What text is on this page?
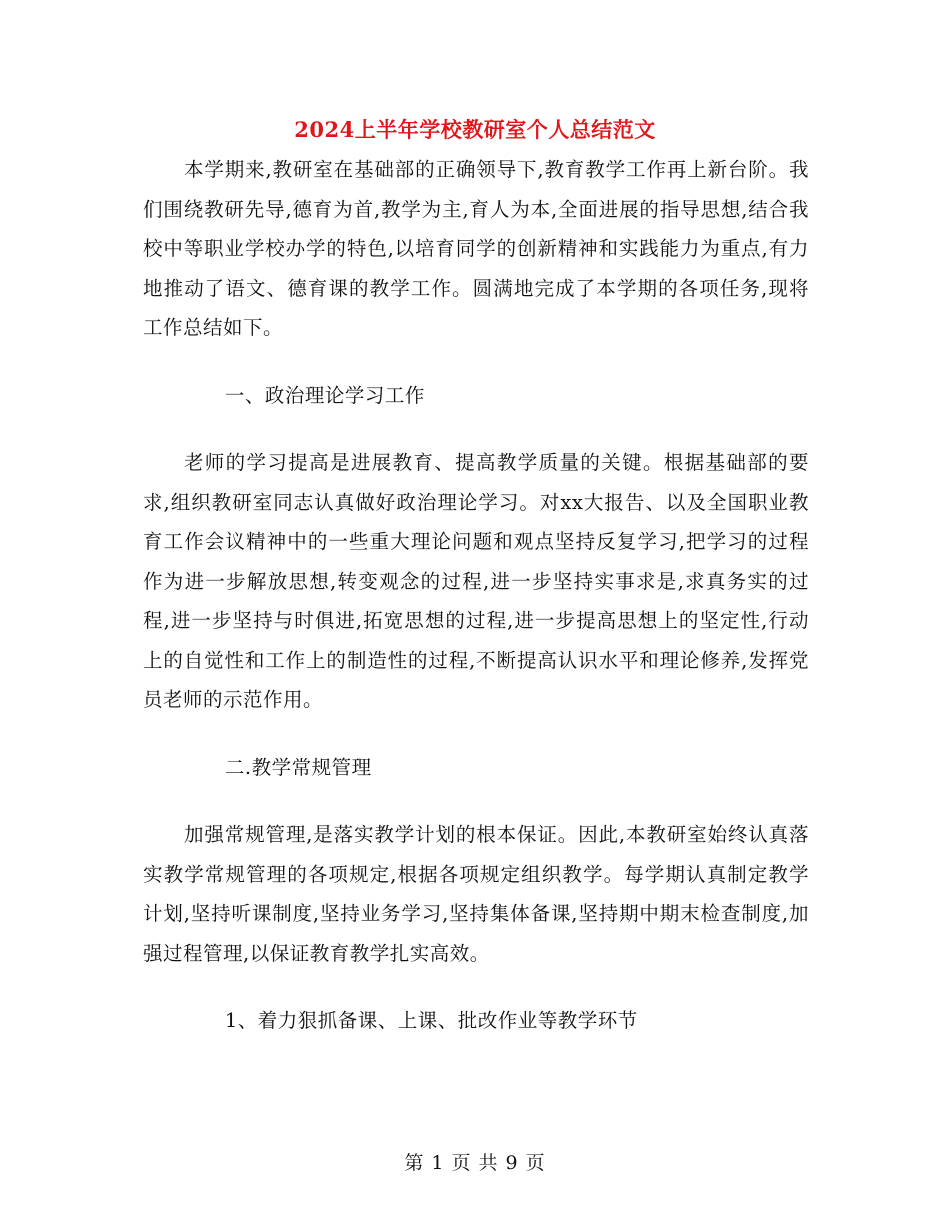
2024上半年学校教研室个人总结范文

本学期来,教研室在基础部的正确领导下,教育教学工作再上新台阶。我们围绕教研先导,德育为首,教学为主,育人为本,全面进展的指导思想,结合我校中等职业学校办学的特色,以培育同学的创新精神和实践能力为重点,有力地推动了语文、德育课的教学工作。圆满地完成了本学期的各项任务,现将工作总结如下。

一、政治理论学习工作

老师的学习提高是进展教育、提高教学质量的关键。根据基础部的要求,组织教研室同志认真做好政治理论学习。对xx大报告、以及全国职业教育工作会议精神中的一些重大理论问题和观点坚持反复学习,把学习的过程作为进一步解放思想,转变观念的过程,进一步坚持实事求是,求真务实的过程,进一步坚持与时俱进,拓宽思想的过程,进一步提高思想上的坚定性,行动上的自觉性和工作上的制造性的过程,不断提高认识水平和理论修养,发挥党员老师的示范作用。

二.教学常规管理

加强常规管理,是落实教学计划的根本保证。因此,本教研室始终认真落实教学常规管理的各项规定,根据各项规定组织教学。每学期认真制定教学计划,坚持听课制度,坚持业务学习,坚持集体备课,坚持期中期末检查制度,加强过程管理,以保证教育教学扎实高效。

1、着力狠抓备课、上课、批改作业等教学环节

第 1 页 共 9 页
